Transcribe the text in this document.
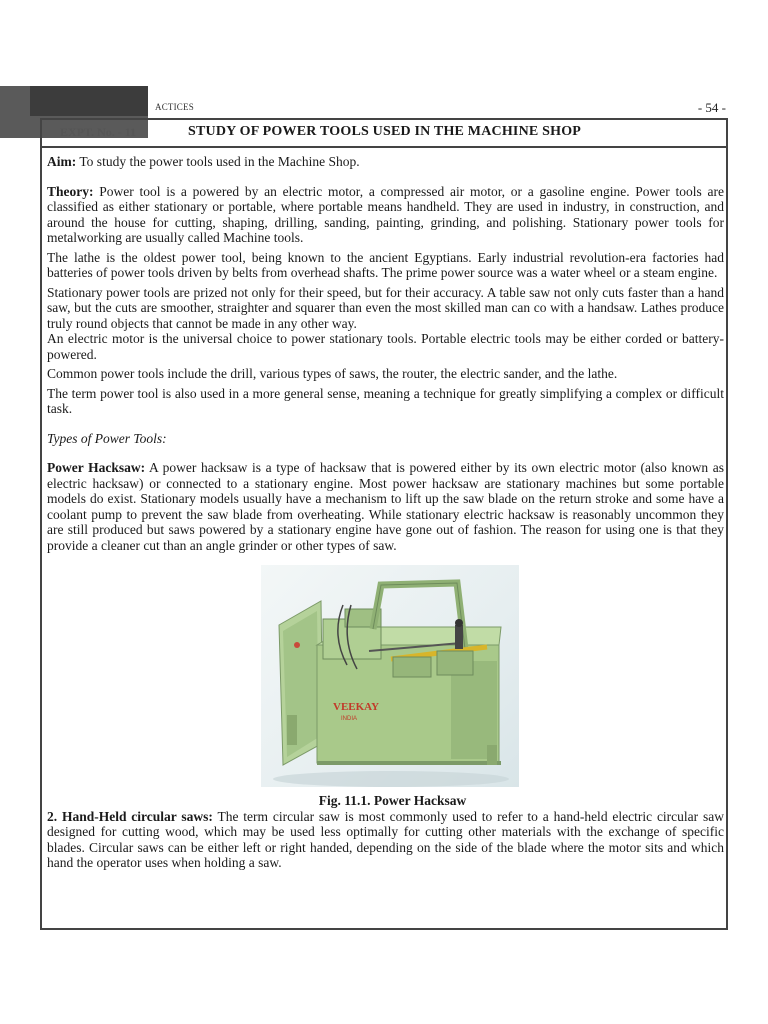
ACTICES	- 54 -
EXPT. No. - 11	STUDY OF POWER TOOLS USED IN THE MACHINE SHOP

Aim: To study the power tools used in the Machine Shop.

Theory: Power tool is a powered by an electric motor, a compressed air motor, or a gasoline engine. Power tools are classified as either stationary or portable, where portable means handheld. They are used in industry, in construction, and around the house for cutting, shaping, drilling, sanding, painting, grinding, and polishing. Stationary power tools for metalworking are usually called Machine tools.

The lathe is the oldest power tool, being known to the ancient Egyptians. Early industrial revolution-era factories had batteries of power tools driven by belts from overhead shafts. The prime power source was a water wheel or a steam engine.

Stationary power tools are prized not only for their speed, but for their accuracy. A table saw not only cuts faster than a hand saw, but the cuts are smoother, straighter and squarer than even the most skilled man can co with a handsaw. Lathes produce truly round objects that cannot be made in any other way.

An electric motor is the universal choice to power stationary tools. Portable electric tools may be either corded or battery-powered.

Common power tools include the drill, various types of saws, the router, the electric sander, and the lathe.

The term power tool is also used in a more general sense, meaning a technique for greatly simplifying a complex or difficult task.

Types of Power Tools:

Power Hacksaw: A power hacksaw is a type of hacksaw that is powered either by its own electric motor (also known as electric hacksaw) or connected to a stationary engine. Most power hacksaw are stationary machines but some portable models do exist. Stationary models usually have a mechanism to lift up the saw blade on the return stroke and some have a coolant pump to prevent the saw blade from overheating. While stationary electric hacksaw is reasonably uncommon they are still produced but saws powered by a stationary engine have gone out of fashion. The reason for using one is that they provide a cleaner cut than an angle grinder or other types of saw.

VEEKAY
INDIA
Fig. 11.1. Power Hacksaw

2. Hand-Held circular saws: The term circular saw is most commonly used to refer to a hand-held electric circular saw designed for cutting wood, which may be used less optimally for cutting other materials with the exchange of specific blades. Circular saws can be either left or right handed, depending on the side of the blade where the motor sits and which hand the operator uses when holding a saw.
